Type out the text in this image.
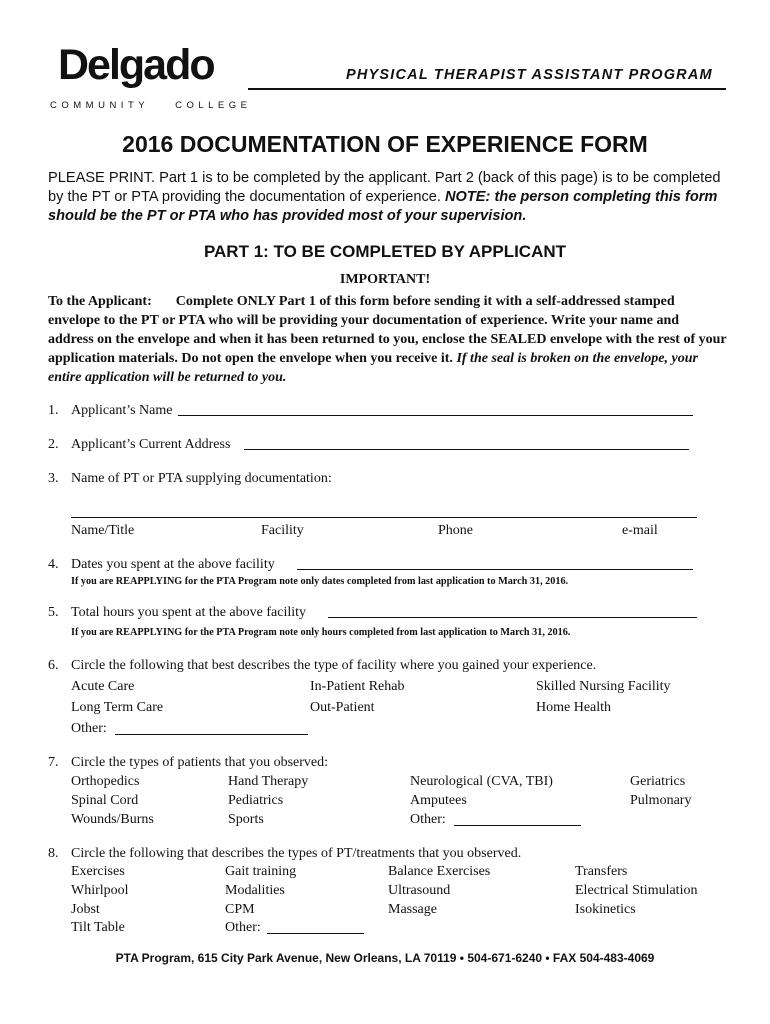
Delgado
COMMUNITY	COLLEGE
PHYSICAL THERAPIST ASSISTANT PROGRAM
2016 DOCUMENTATION OF EXPERIENCE FORM
PLEASE PRINT. Part 1 is to be completed by the applicant. Part 2 (back of this page) is to be completed by the PT or PTA providing the documentation of experience. NOTE: the person completing this form should be the PT or PTA who has provided most of your supervision.
PART 1: TO BE COMPLETED BY APPLICANT
IMPORTANT!
To the Applicant: Complete ONLY Part 1 of this form before sending it with a self-addressed stamped envelope to the PT or PTA who will be providing your documentation of experience. Write your name and address on the envelope and when it has been returned to you, enclose the SEALED envelope with the rest of your application materials. Do not open the envelope when you receive it. If the seal is broken on the envelope, your entire application will be returned to you.
1. Applicant’s Name
2. Applicant’s Current Address
3. Name of PT or PTA supplying documentation:
Name/Title	Facility	Phone	e-mail
4. Dates you spent at the above facility
If you are REAPPLYING for the PTA Program note only dates completed from last application to March 31, 2016.
5. Total hours you spent at the above facility
If you are REAPPLYING for the PTA Program note only hours completed from last application to March 31, 2016.
6. Circle the following that best describes the type of facility where you gained your experience.
Acute Care	In-Patient Rehab	Skilled Nursing Facility
Long Term Care	Out-Patient	Home Health
Other:
7. Circle the types of patients that you observed:
Orthopedics	Hand Therapy	Neurological (CVA, TBI)	Geriatrics
Spinal Cord	Pediatrics	Amputees	Pulmonary
Wounds/Burns	Sports	Other:
8. Circle the following that describes the types of PT/treatments that you observed.
Exercises	Gait training	Balance Exercises	Transfers
Whirlpool	Modalities	Ultrasound	Electrical Stimulation
Jobst	CPM	Massage	Isokinetics
Tilt Table	Other:
PTA Program, 615 City Park Avenue, New Orleans, LA 70119 • 504-671-6240 • FAX 504-483-4069
